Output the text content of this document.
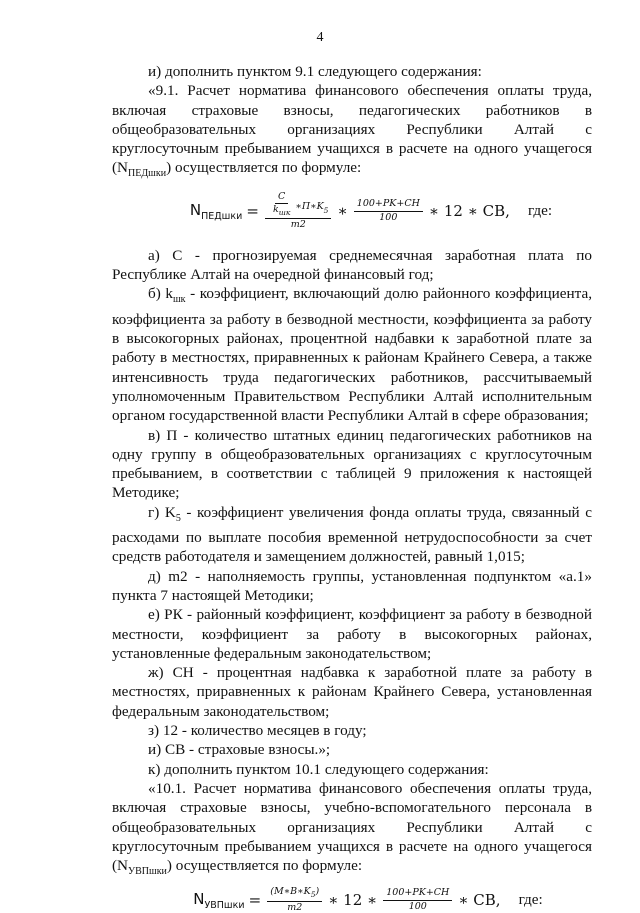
4

и) дополнить пунктом 9.1 следующего содержания:

«9.1. Расчет норматива финансового обеспечения оплаты труда, включая страховые взносы, педагогических работников в общеобразовательных организациях Республики Алтай с круглосуточным пребыванием учащихся в расчете на одного учащегося $(N_{ПЕДшки})$ осуществляется по формуле:

$N_{ПЕДшки} = \frac{\frac{С}{k_{шк}} ∗П∗K_5}{m2}$ ∗ $\frac{100+PK+CH}{100}$ ∗ 12 ∗ CB, где:

а) С - прогнозируемая среднемесячная заработная плата по Республике Алтай на очередной финансовый год;

б) $k_{шк}$ - коэффициент, включающий долю районного коэффициента, коэффициента за работу в безводной местности, коэффициента за работу в высокогорных районах, процентной надбавки к заработной плате за работу в местностях, приравненных к районам Крайнего Севера, а также интенсивность труда педагогических работников, рассчитываемый уполномоченным Правительством Республики Алтай исполнительным органом государственной власти Республики Алтай в сфере образования;

в) П - количество штатных единиц педагогических работников на одну группу в общеобразовательных организациях с круглосуточным пребыванием, в соответствии с таблицей 9 приложения к настоящей Методике;

г) $K_5$ - коэффициент увеличения фонда оплаты труда, связанный с расходами по выплате пособия временной нетрудоспособности за счет средств работодателя и замещением должностей, равный 1,015;

д) m2 - наполняемость группы, установленная подпунктом «а.1» пункта 7 настоящей Методики;

е) РК - районный коэффициент, коэффициент за работу в безводной местности, коэффициент за работу в высокогорных районах, установленные федеральным законодательством;

ж) СН - процентная надбавка к заработной плате за работу в местностях, приравненных к районам Крайнего Севера, установленная федеральным законодательством;

з) 12 - количество месяцев в году;

и) СВ - страховые взносы.»;

к) дополнить пунктом 10.1 следующего содержания:

«10.1. Расчет норматива финансового обеспечения оплаты труда, включая страховые взносы, учебно-вспомогательного персонала в общеобразовательных организациях Республики Алтай с круглосуточным пребыванием учащихся в расчете на одного учащегося $(N_{УВПшки})$ осуществляется по формуле:

$N_{УВПшки} = \frac{(M∗B∗K_5)}{m2}$ ∗ 12 ∗ $\frac{100+PK+CH}{100}$ ∗ CB, где:
